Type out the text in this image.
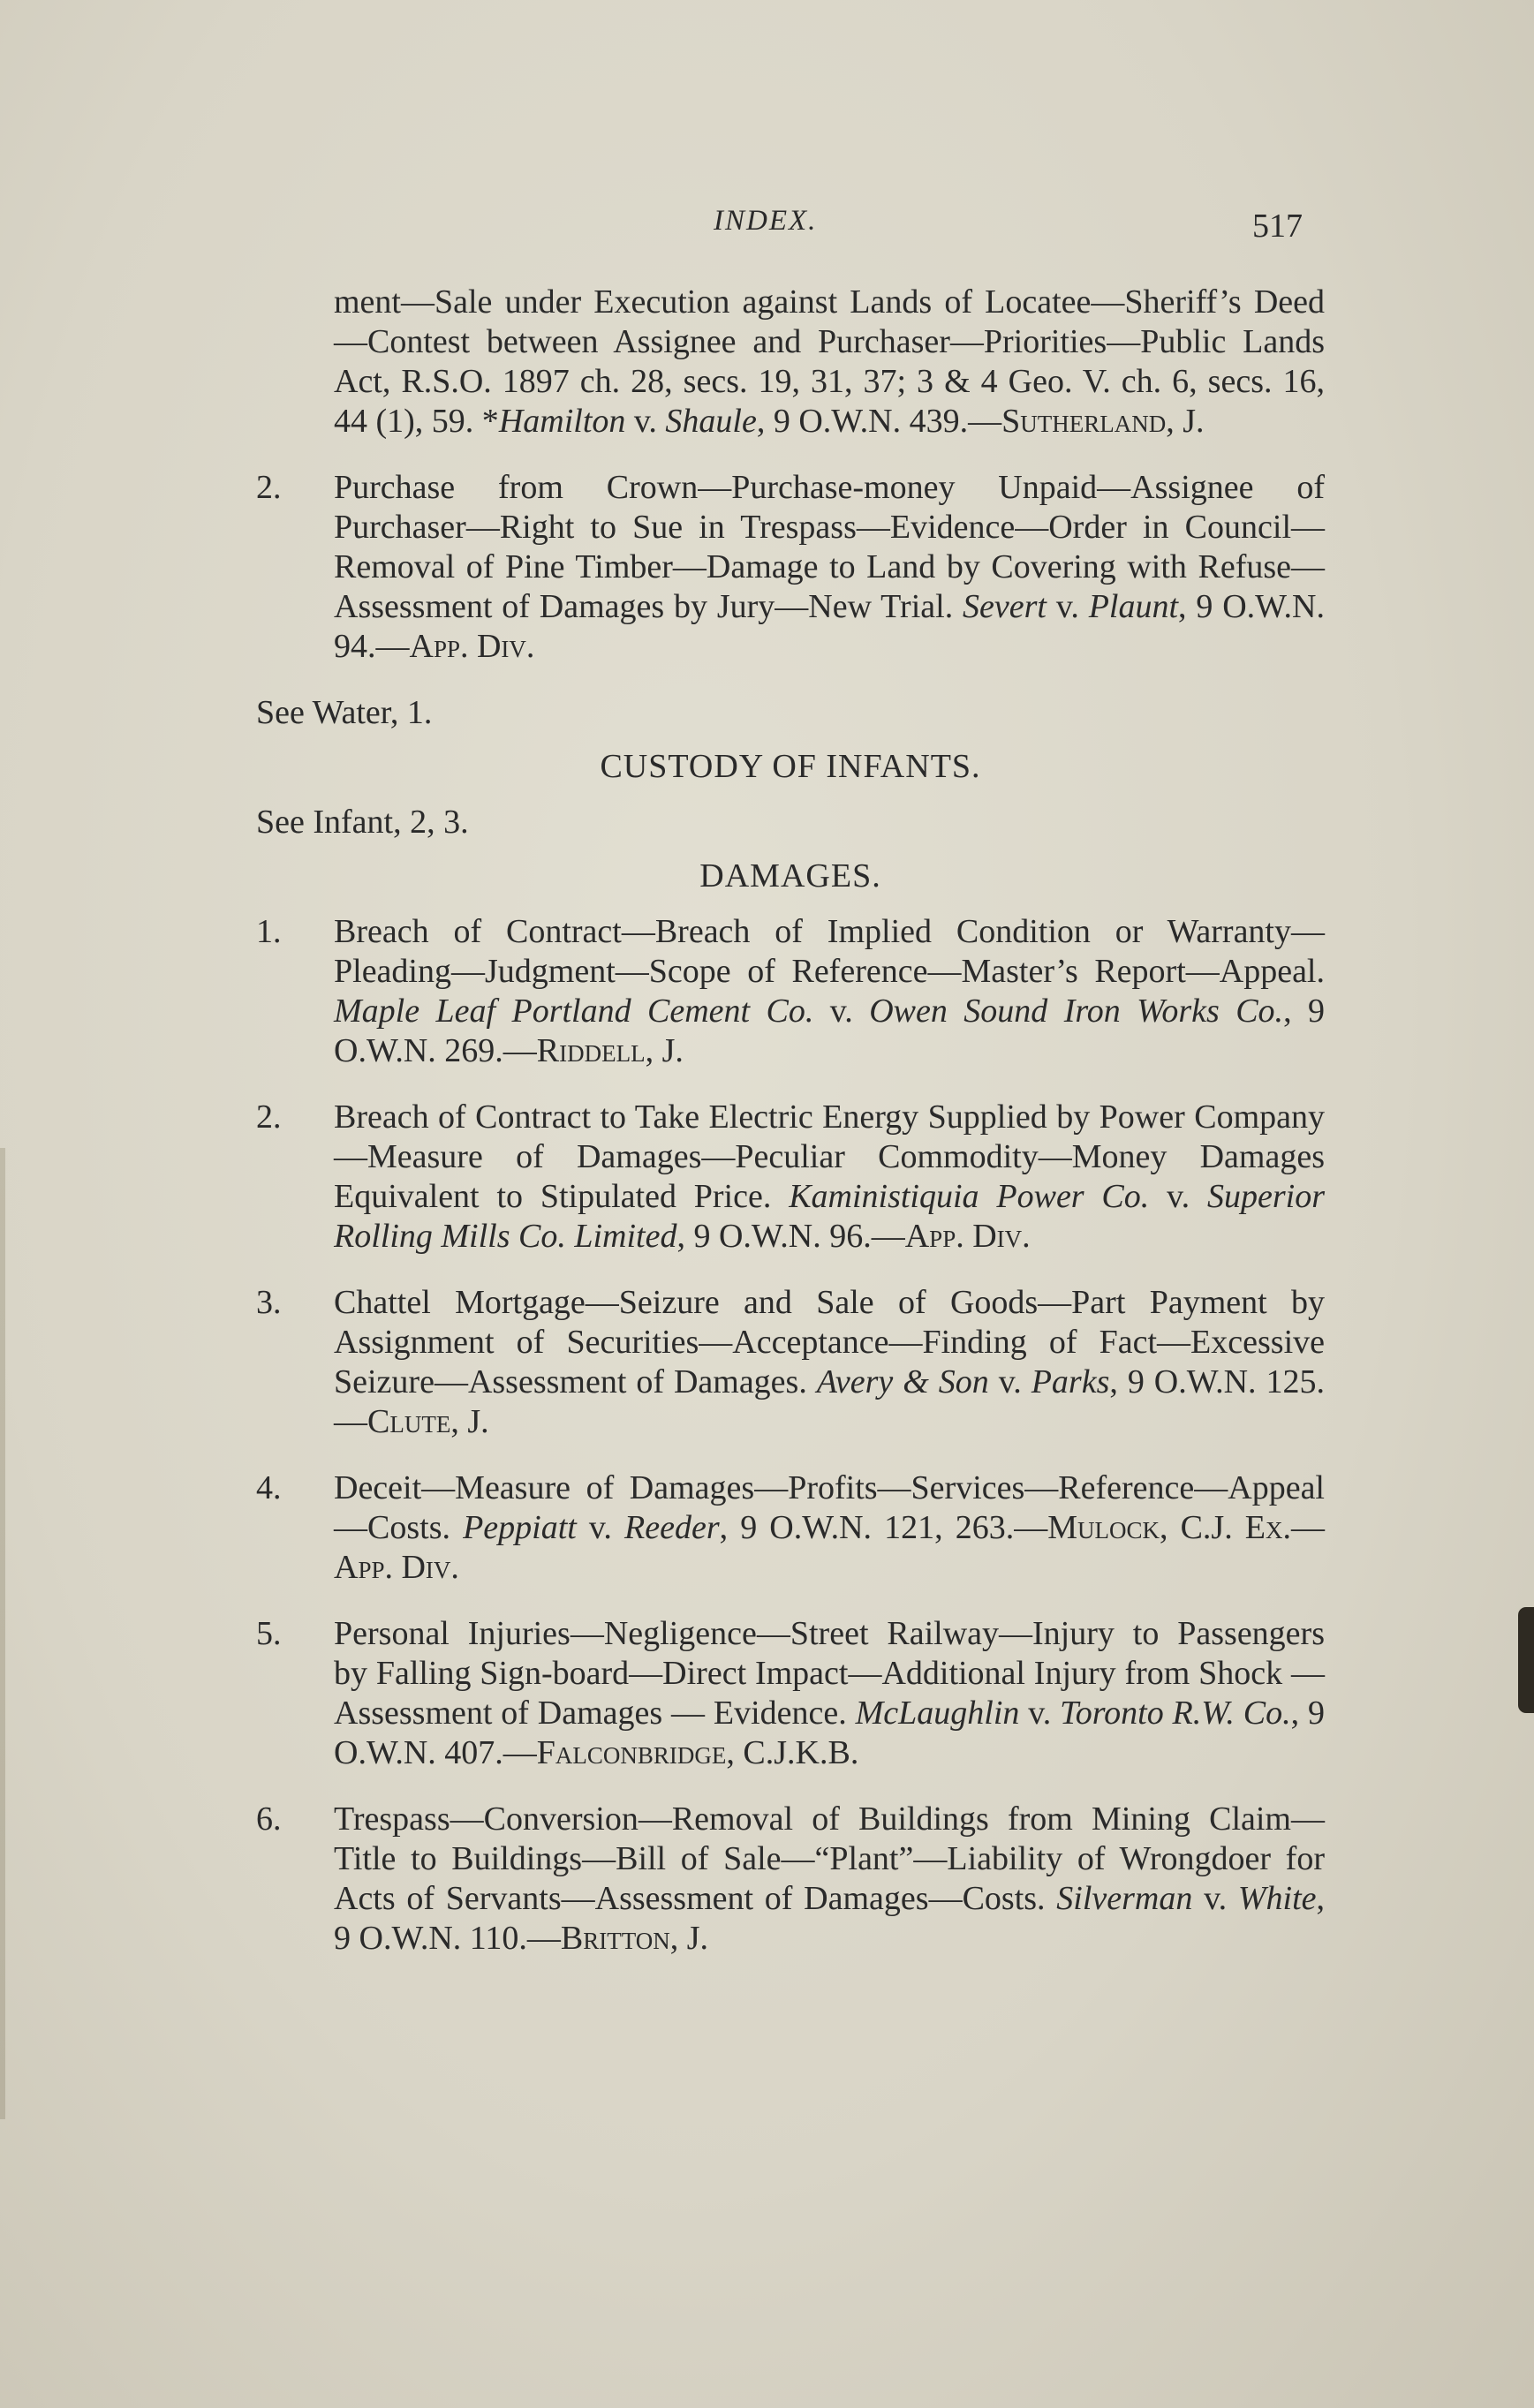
INDEX.	517
ment—Sale under Execution against Lands of Locatee—Sheriff’s Deed—Contest between Assignee and Purchaser—Priorities—Public Lands Act, R.S.O. 1897 ch. 28, secs. 19, 31, 37; 3 & 4 Geo. V. ch. 6, secs. 16, 44 (1), 59. *Hamilton v. Shaule, 9 O.W.N. 439.—Sutherland, J.
2. Purchase from Crown—Purchase-money Unpaid—Assignee of Purchaser—Right to Sue in Trespass—Evidence—Order in Council—Removal of Pine Timber—Damage to Land by Covering with Refuse—Assessment of Damages by Jury—New Trial. Severt v. Plaunt, 9 O.W.N. 94.—App. Div.
See Water, 1.
CUSTODY OF INFANTS.
See Infant, 2, 3.
DAMAGES.
1. Breach of Contract—Breach of Implied Condition or Warranty—Pleading—Judgment—Scope of Reference—Master’s Report—Appeal. Maple Leaf Portland Cement Co. v. Owen Sound Iron Works Co., 9 O.W.N. 269.—Riddell, J.
2. Breach of Contract to Take Electric Energy Supplied by Power Company—Measure of Damages—Peculiar Commodity—Money Damages Equivalent to Stipulated Price. Kaministiquia Power Co. v. Superior Rolling Mills Co. Limited, 9 O.W.N. 96.—App. Div.
3. Chattel Mortgage—Seizure and Sale of Goods—Part Payment by Assignment of Securities—Acceptance—Finding of Fact—Excessive Seizure—Assessment of Damages. Avery & Son v. Parks, 9 O.W.N. 125.—Clute, J.
4. Deceit—Measure of Damages—Profits—Services—Reference—Appeal—Costs. Peppiatt v. Reeder, 9 O.W.N. 121, 263.—Mulock, C.J. Ex.—App. Div.
5. Personal Injuries—Negligence—Street Railway—Injury to Passengers by Falling Sign-board—Direct Impact—Additional Injury from Shock — Assessment of Damages — Evidence. McLaughlin v. Toronto R.W. Co., 9 O.W.N. 407.—Falconbridge, C.J.K.B.
6. Trespass—Conversion—Removal of Buildings from Mining Claim—Title to Buildings—Bill of Sale—“Plant”—Liability of Wrongdoer for Acts of Servants—Assessment of Damages—Costs. Silverman v. White, 9 O.W.N. 110.—Britton, J.
